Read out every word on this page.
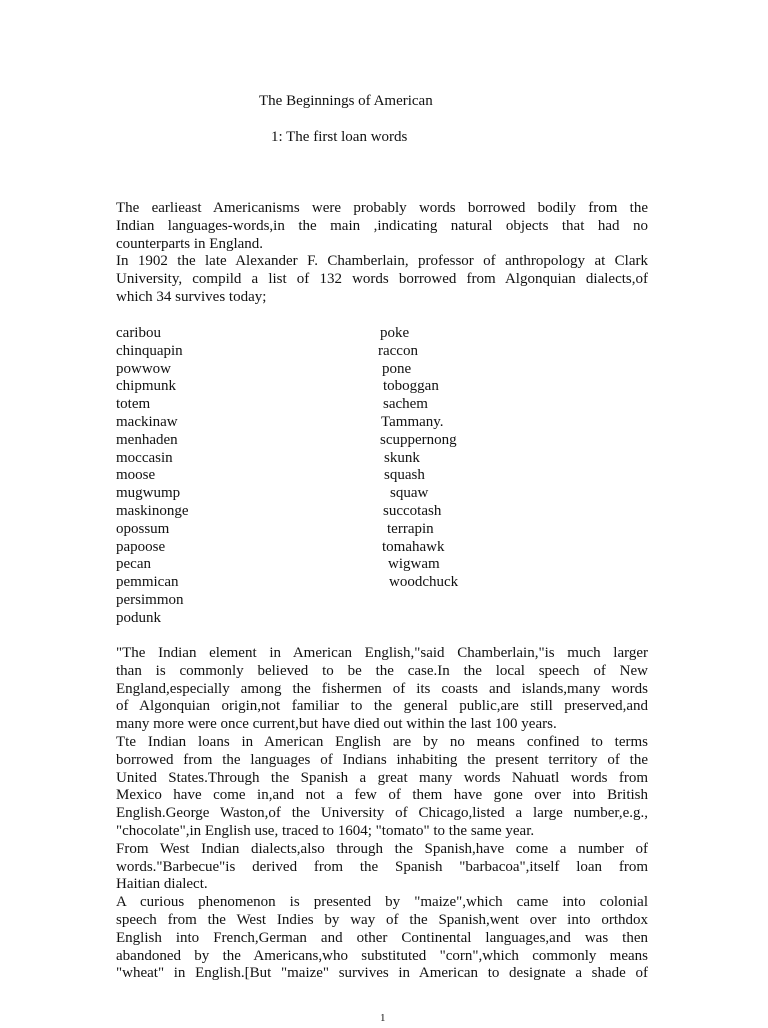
The Beginnings of American
1: The first loan words

The earlieast Americanisms were probably words borrowed bodily from the
Indian languages-words,in the main ,indicating natural objects that had no
counterparts in England.
In 1902 the late Alexander F. Chamberlain, professor of anthropology at Clark
University, compild a list of 132 words borrowed from Algonquian dialects,of
which 34 survives today;

caribou
chinquapin
powwow
chipmunk
totem
mackinaw
menhaden
moccasin
moose
mugwump
maskinonge
opossum
papoose
pecan
pemmican
persimmon
podunk
poke
raccon
pone
toboggan
sachem
Tammany.
scuppernong
skunk
squash
squaw
succotash
terrapin
tomahawk
wigwam
woodchuck

"The Indian element in American English,"said Chamberlain,"is much larger
than is commonly believed to be the case.In the local speech of New
England,especially among the fishermen of its coasts and islands,many words
of Algonquian origin,not familiar to the general public,are still preserved,and
many more were once current,but have died out within the last 100 years.
Tte Indian loans in American English are by no means confined to terms
borrowed from the languages of Indians inhabiting the present territory of the
United States.Through the Spanish a great many words Nahuatl words from
Mexico have come in,and not a few of them have gone over into British
English.George Waston,of the University of Chicago,listed a large number,e.g.,
"chocolate",in English use, traced to 1604; "tomato" to the same year.
From West Indian dialects,also through the Spanish,have come a number of
words."Barbecue"is derived from the Spanish "barbacoa",itself loan from
Haitian dialect.
A curious phenomenon is presented by "maize",which came into colonial
speech from the West Indies by way of the Spanish,went over into orthdox
English into French,German and other Continental languages,and was then
abandoned by the Americans,who substituted "corn",which commonly means
"wheat" in English.[But "maize" survives in American to designate a shade of

1
